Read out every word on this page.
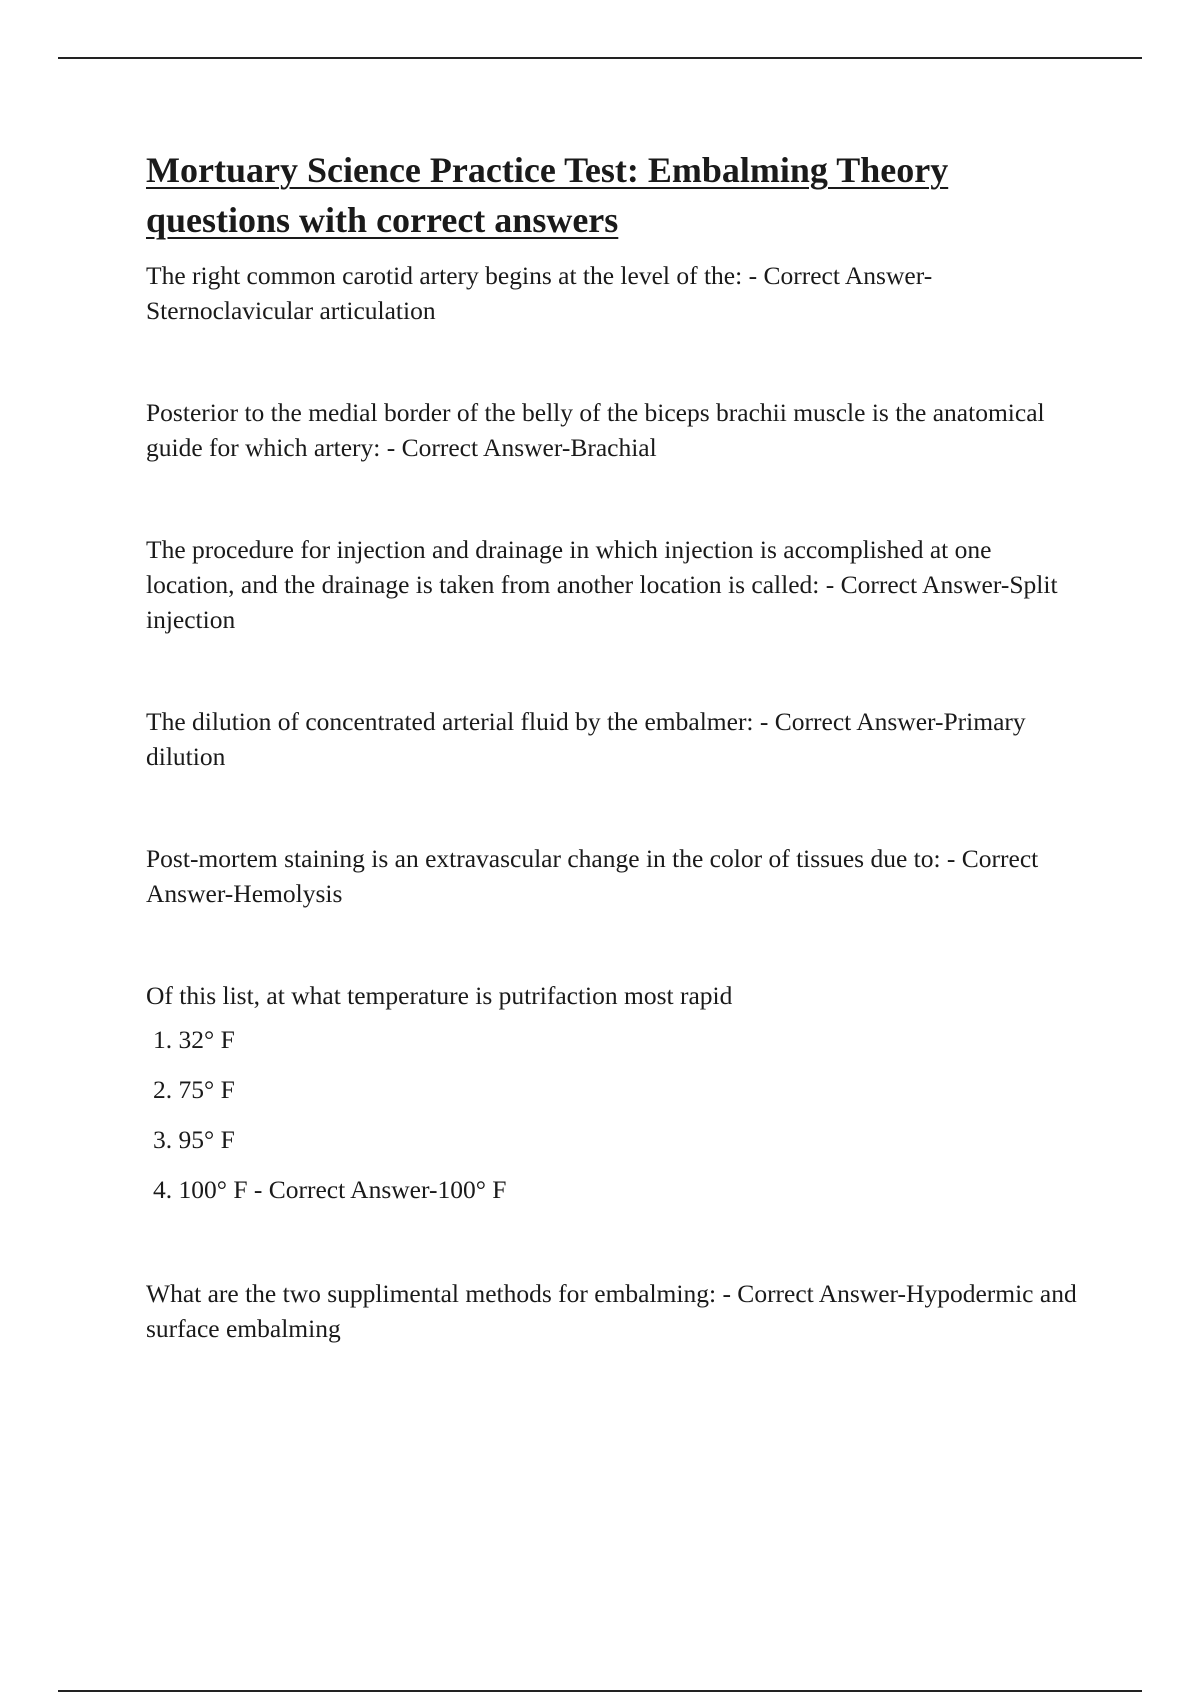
Mortuary Science Practice Test: Embalming Theory questions with correct answers

The right common carotid artery begins at the level of the: - Correct Answer-Sternoclavicular articulation

Posterior to the medial border of the belly of the biceps brachii muscle is the anatomical guide for which artery: - Correct Answer-Brachial

The procedure for injection and drainage in which injection is accomplished at one location, and the drainage is taken from another location is called: - Correct Answer-Split injection

The dilution of concentrated arterial fluid by the embalmer: - Correct Answer-Primary dilution

Post-mortem staining is an extravascular change in the color of tissues due to: - Correct Answer-Hemolysis

Of this list, at what temperature is putrifaction most rapid

1. 32° F
2. 75° F
3. 95° F
4. 100° F - Correct Answer-100° F

What are the two supplimental methods for embalming: - Correct Answer-Hypodermic and surface embalming
